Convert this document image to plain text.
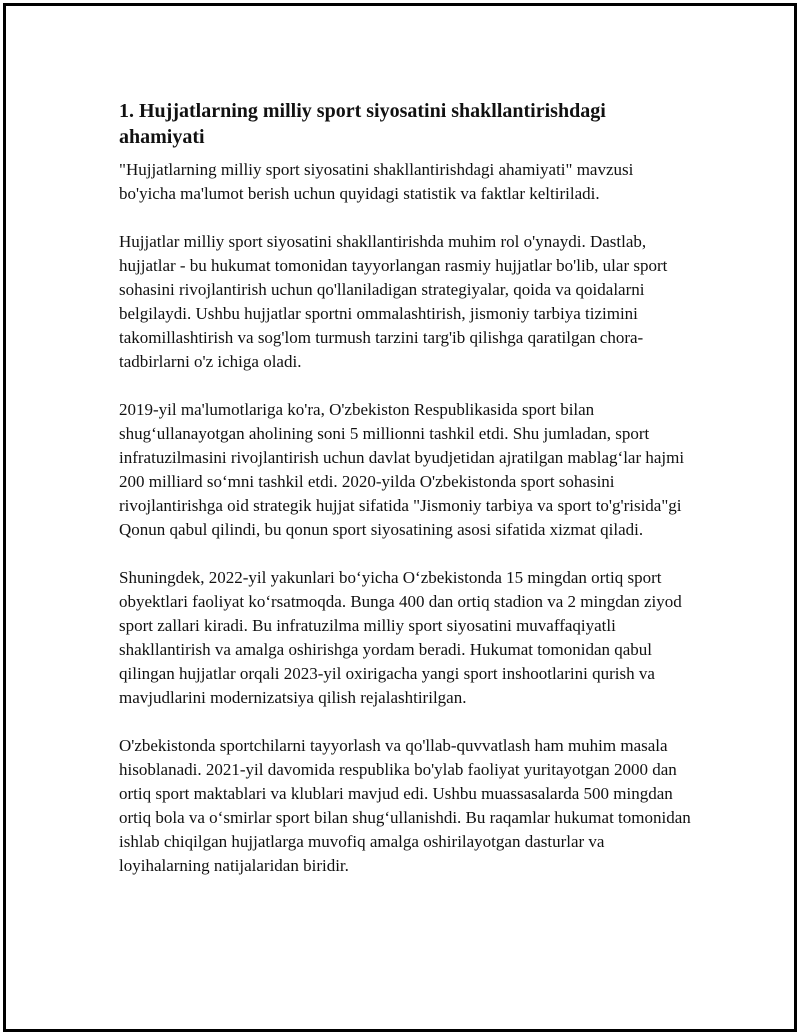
1. Hujjatlarning milliy sport siyosatini shakllantirishdagi ahamiyati

"Hujjatlarning milliy sport siyosatini shakllantirishdagi ahamiyati" mavzusi bo'yicha ma'lumot berish uchun quyidagi statistik va faktlar keltiriladi.

Hujjatlar milliy sport siyosatini shakllantirishda muhim rol o'ynaydi. Dastlab, hujjatlar - bu hukumat tomonidan tayyorlangan rasmiy hujjatlar bo'lib, ular sport sohasini rivojlantirish uchun qo'llaniladigan strategiyalar, qoida va qoidalarni belgilaydi. Ushbu hujjatlar sportni ommalashtirish, jismoniy tarbiya tizimini takomillashtirish va sog'lom turmush tarzini targ'ib qilishga qaratilgan chora-tadbirlarni o'z ichiga oladi.

2019-yil ma'lumotlariga ko'ra, O'zbekiston Respublikasida sport bilan shug‘ullanayotgan aholining soni 5 millionni tashkil etdi. Shu jumladan, sport infratuzilmasini rivojlantirish uchun davlat byudjetidan ajratilgan mablag‘lar hajmi 200 milliard so‘mni tashkil etdi. 2020-yilda O'zbekistonda sport sohasini rivojlantirishga oid strategik hujjat sifatida "Jismoniy tarbiya va sport to'g'risida"gi Qonun qabul qilindi, bu qonun sport siyosatining asosi sifatida xizmat qiladi.

Shuningdek, 2022-yil yakunlari bo‘yicha O‘zbekistonda 15 mingdan ortiq sport obyektlari faoliyat ko‘rsatmoqda. Bunga 400 dan ortiq stadion va 2 mingdan ziyod sport zallari kiradi. Bu infratuzilma milliy sport siyosatini muvaffaqiyatli shakllantirish va amalga oshirishga yordam beradi. Hukumat tomonidan qabul qilingan hujjatlar orqali 2023-yil oxirigacha yangi sport inshootlarini qurish va mavjudlarini modernizatsiya qilish rejalashtirilgan.

O'zbekistonda sportchilarni tayyorlash va qo'llab-quvvatlash ham muhim masala hisoblanadi. 2021-yil davomida respublika bo'ylab faoliyat yuritayotgan 2000 dan ortiq sport maktablari va klublari mavjud edi. Ushbu muassasalarda 500 mingdan ortiq bola va o‘smirlar sport bilan shug‘ullanishdi. Bu raqamlar hukumat tomonidan ishlab chiqilgan hujjatlarga muvofiq amalga oshirilayotgan dasturlar va loyihalarning natijalaridan biridir.
